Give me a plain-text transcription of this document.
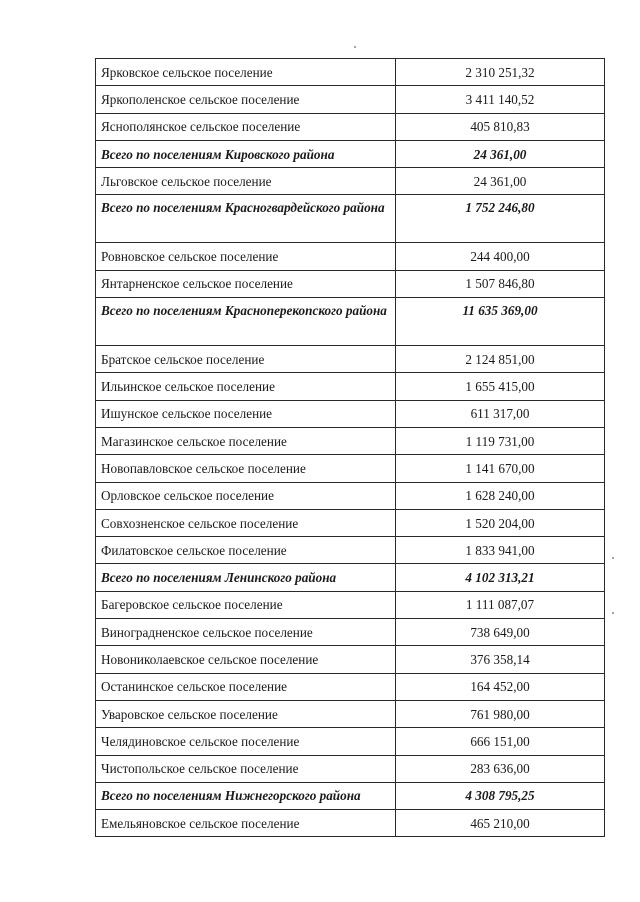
Ярковское сельское поселение	2 310 251,32
Яркополенское сельское поселение	3 411 140,52
Яснополянское сельское поселение	405 810,83
Всего по поселениям Кировского района	24 361,00
Льговское сельское поселение	24 361,00
Всего по поселениям Красногвардейского района	1 752 246,80
Ровновское сельское поселение	244 400,00
Янтарненское сельское поселение	1 507 846,80
Всего по поселениям Красноперекопского района	11 635 369,00
Братское сельское поселение	2 124 851,00
Ильинское сельское поселение	1 655 415,00
Ишунское сельское поселение	611 317,00
Магазинское сельское поселение	1 119 731,00
Новопавловское сельское поселение	1 141 670,00
Орловское сельское поселение	1 628 240,00
Совхозненское сельское поселение	1 520 204,00
Филатовское сельское поселение	1 833 941,00
Всего по поселениям Ленинского района	4 102 313,21
Багеровское сельское поселение	1 111 087,07
Виноградненское сельское поселение	738 649,00
Новониколаевское сельское поселение	376 358,14
Останинское сельское поселение	164 452,00
Уваровское сельское поселение	761 980,00
Челядиновское сельское поселение	666 151,00
Чистопольское сельское поселение	283 636,00
Всего по поселениям Нижнегорского района	4 308 795,25
Емельяновское сельское поселение	465 210,00
